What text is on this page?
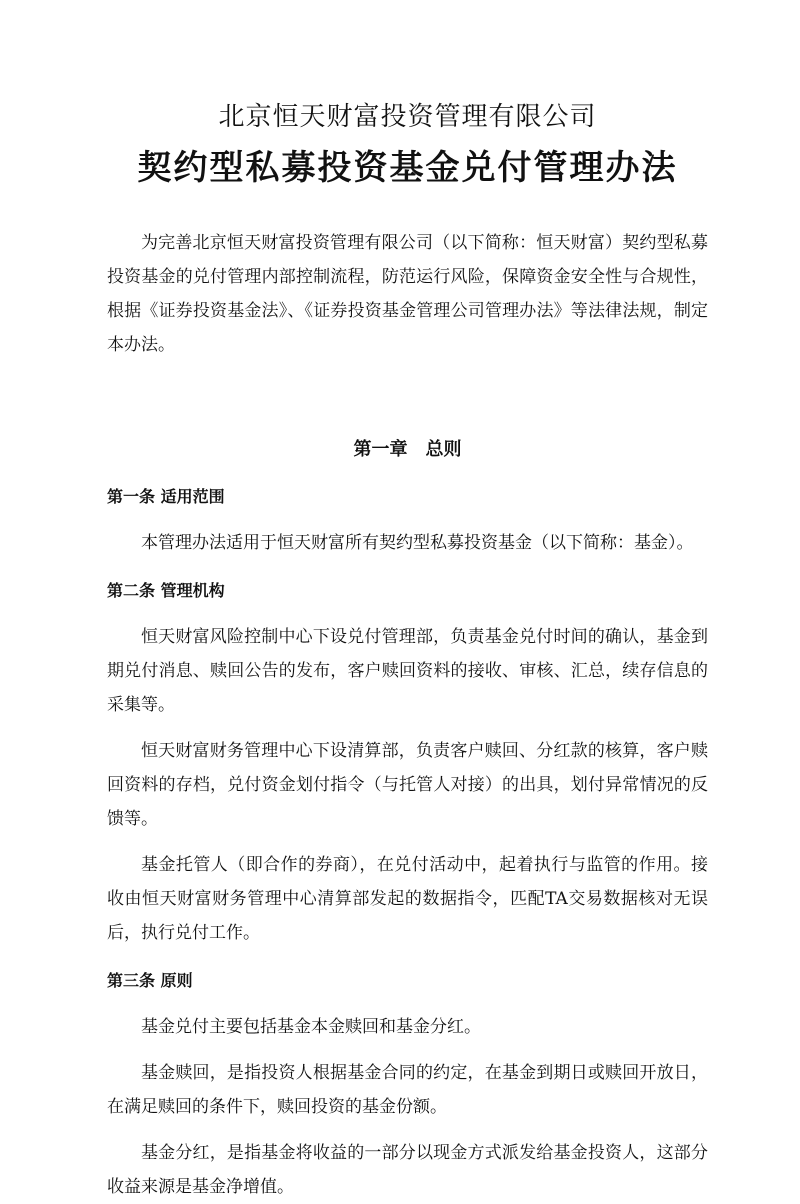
北京恒天财富投资管理有限公司
契约型私募投资基金兑付管理办法

为完善北京恒天财富投资管理有限公司（以下简称：恒天财富）契约型私募投资基金的兑付管理内部控制流程，防范运行风险，保障资金安全性与合规性，根据《证券投资基金法》、《证券投资基金管理公司管理办法》等法律法规，制定本办法。

第一章　总则
第一条 适用范围

本管理办法适用于恒天财富所有契约型私募投资基金（以下简称：基金）。

第二条 管理机构

恒天财富风险控制中心下设兑付管理部，负责基金兑付时间的确认，基金到期兑付消息、赎回公告的发布，客户赎回资料的接收、审核、汇总，续存信息的采集等。

恒天财富财务管理中心下设清算部，负责客户赎回、分红款的核算，客户赎回资料的存档，兑付资金划付指令（与托管人对接）的出具，划付异常情况的反馈等。

基金托管人（即合作的券商），在兑付活动中，起着执行与监管的作用。接收由恒天财富财务管理中心清算部发起的数据指令，匹配TA交易数据核对无误后，执行兑付工作。

第三条 原则

基金兑付主要包括基金本金赎回和基金分红。

基金赎回，是指投资人根据基金合同的约定，在基金到期日或赎回开放日，在满足赎回的条件下，赎回投资的基金份额。

基金分红，是指基金将收益的一部分以现金方式派发给基金投资人，这部分收益来源是基金净增值。
